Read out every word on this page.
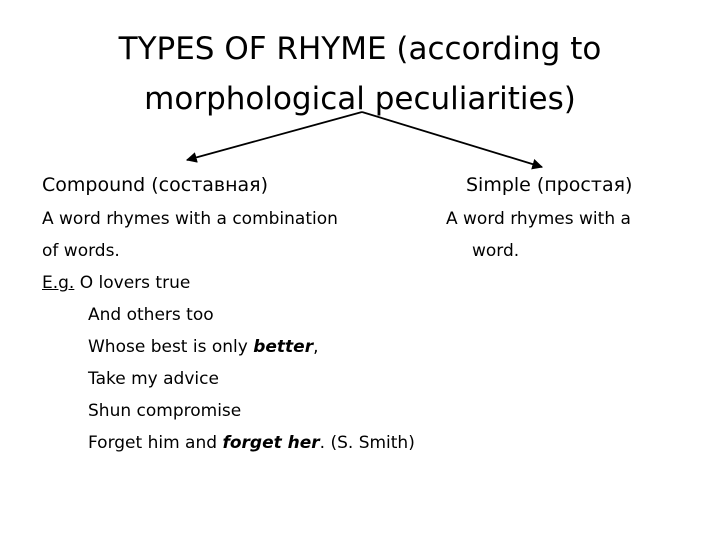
TYPES OF RHYME (according to
morphological peculiarities)
Compound (составная)	Simple (простая)
A word rhymes with a combination
of words.
A word rhymes with a
word.
E.g. O lovers true
And others too
Whose best is only better,
Take my advice
Shun compromise
Forget him and forget her. (S. Smith)
